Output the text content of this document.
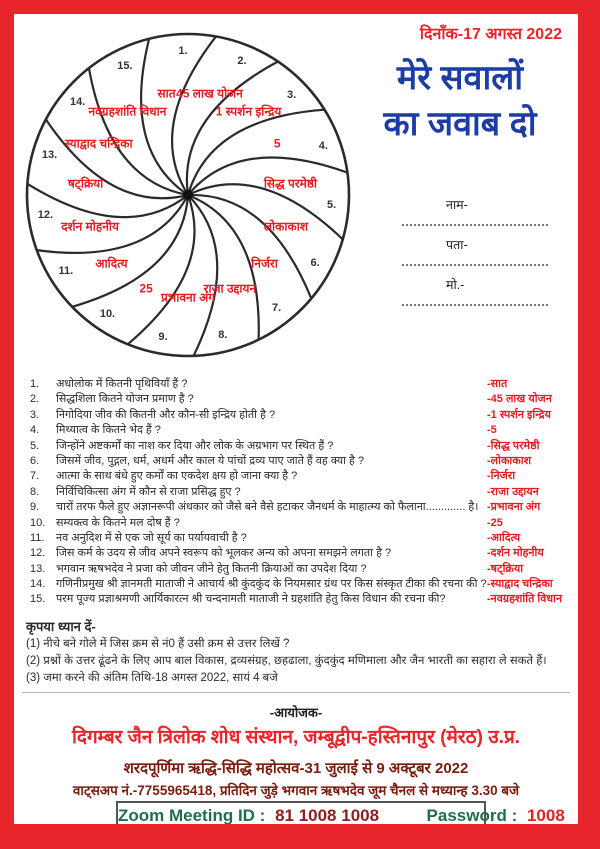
दिनाँक-17 अगस्त 2022
मेरे सवालों
का जवाब दो
1.
सात
2.
45 लाख योजन	3.
1 स्पर्शन इन्द्रिय
4.
5
5.
सिद्ध परमेष्ठी
6.
लोकाकाश
7.
निर्जरा
8.
राजा उद्दायन
9.
प्रभावना अंग
10.
25
11.
आदित्य
12.
दर्शन मोहनीय
13.
षट्क्रिया
14.
स्याद्वाद चन्द्रिका
15.
नवग्रहशांति विधान
नाम-
पता-
मो.-
1. अधोलोक में कितनी पृथिवियाँ हैं ?	-सात
2. सिद्धशिला कितने योजन प्रमाण है ?	-45 लाख योजन
3. निगोदिया जीव की कितनी और कौन-सी इन्द्रिय होती है ?	-1 स्पर्शन इन्द्रिय
4. मिथ्यात्व के कितने भेद हैं ?	-5
5. जिन्होंने अष्टकर्मों का नाश कर दिया और लोक के अग्रभाग पर स्थित हैं ?	-सिद्ध परमेष्ठी
6. जिसमें जीव, पुद्गल, धर्म, अधर्म और काल ये पांचों द्रव्य पाए जाते हैं वह क्या है ?	-लोकाकाश
7. आत्मा के साथ बंधे हुए कर्मों का एकदेश क्षय हो जाना क्या है ?	-निर्जरा
8. निर्विचिकित्सा अंग में कौन से राजा प्रसिद्ध हुए ?	-राजा उद्दायन
9. चारों तरफ फैले हुए अज्ञानरूपी अंधकार को जैसे बने वैसे हटाकर जैनधर्म के माहात्म्य को फैलाना............. है। -प्रभावना अंग
10. सम्यक्त्व के कितने मल दोष हैं ?	-25
11. नव अनुदिश में से एक जो सूर्य का पर्यायवाची है ?	-आदित्य
12. जिस कर्म के उदय से जीव अपने स्वरूप को भूलकर अन्य को अपना समझने लगता है ?	-दर्शन मोहनीय
13. भगवान ऋषभदेव ने प्रजा को जीवन जीने हेतु कितनी क्रियाओं का उपदेश दिया ?	-षट्क्रिया
14. गणिनीप्रमुख श्री ज्ञानमती माताजी ने आचार्य श्री कुंदकुंद के नियमसार ग्रंथ पर किस संस्कृत टीका की रचना की ? -स्याद्वाद चन्द्रिका
15. परम पूज्य प्रज्ञाश्रमणी आर्यिकारत्न श्री चन्दनामती माताजी ने ग्रहशांति हेतु किस विधान की रचना की?	-नवग्रहशांति विधान
कृपया ध्यान दें-
(1) नीचे बने गोले में जिस क्रम से नं0 हैं उसी क्रम से उत्तर लिखें ?
(2) प्रश्नों के उत्तर ढूंढने के लिए आप बाल विकास, द्रव्यसंग्रह, छहढाला, कुंदकुंद मणिमाला और जैन भारती का सहारा ले सकते हैं।
(3) जमा करने की अंतिम तिथि-18 अगस्त 2022, सायं 4 बजे
-आयोजक-
दिगम्बर जैन त्रिलोक शोध संस्थान, जम्बूद्वीप-हस्तिनापुर (मेरठ) उ.प्र.
शरदपूर्णिमा ऋद्धि-सिद्धि महोत्सव-31 जुलाई से 9 अक्टूबर 2022
वाट्सअप नं.-7755965418, प्रतिदिन जुड़े भगवान ऋषभदेव जूम चैनल से मध्यान्ह 3.30 बजे
Zoom Meeting ID : 81 1008 1008	Password : 1008
